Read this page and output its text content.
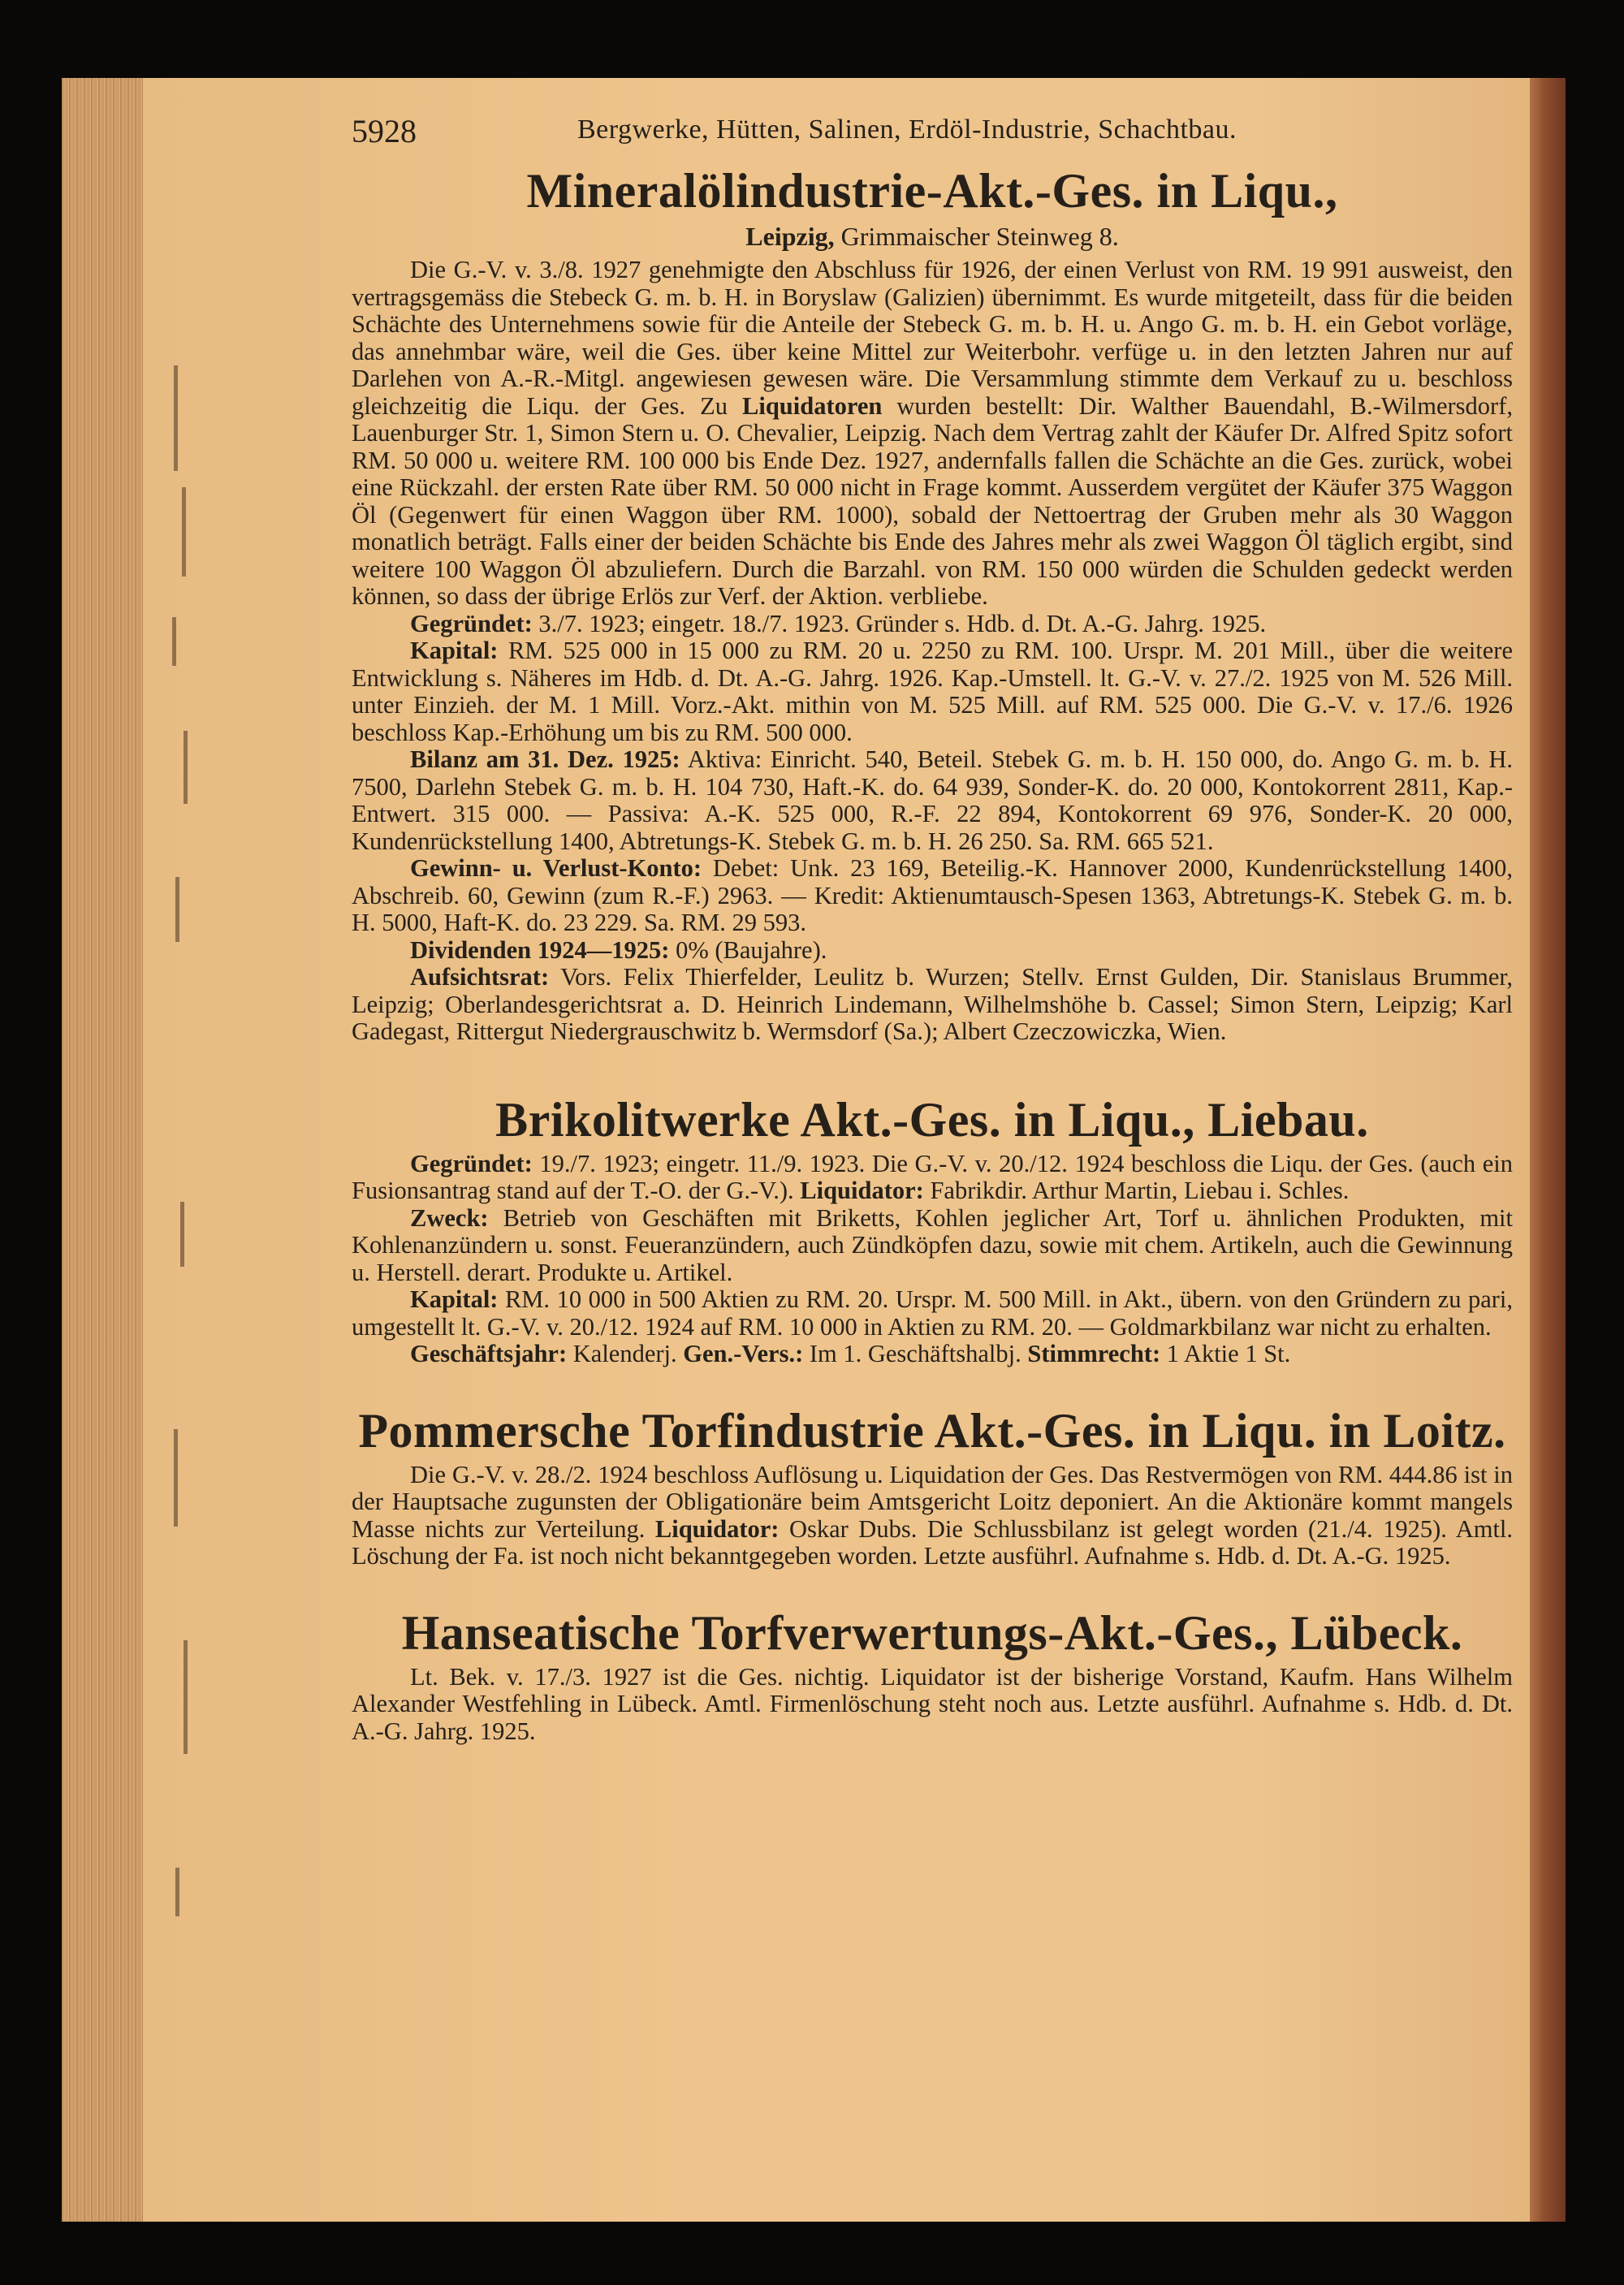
5928	Bergwerke, Hütten, Salinen, Erdöl-Industrie, Schachtbau.
Mineralölindustrie-Akt.-Ges. in Liqu.,
Leipzig, Grimmaischer Steinweg 8.

Die G.-V. v. 3./8. 1927 genehmigte den Abschluss für 1926, der einen Verlust von RM. 19 991 ausweist, den vertragsgemäss die Stebeck G. m. b. H. in Boryslaw (Galizien) übernimmt. Es wurde mitgeteilt, dass für die beiden Schächte des Unternehmens sowie für die Anteile der Stebeck G. m. b. H. u. Ango G. m. b. H. ein Gebot vorläge, das annehmbar wäre, weil die Ges. über keine Mittel zur Weiterbohr. verfüge u. in den letzten Jahren nur auf Darlehen von A.-R.-Mitgl. angewiesen gewesen wäre. Die Versammlung stimmte dem Verkauf zu u. beschloss gleichzeitig die Liqu. der Ges. Zu Liquidatoren wurden bestellt: Dir. Walther Bauendahl, B.-Wilmersdorf, Lauenburger Str. 1, Simon Stern u. O. Chevalier, Leipzig. Nach dem Vertrag zahlt der Käufer Dr. Alfred Spitz sofort RM. 50 000 u. weitere RM. 100 000 bis Ende Dez. 1927, andernfalls fallen die Schächte an die Ges. zurück, wobei eine Rückzahl. der ersten Rate über RM. 50 000 nicht in Frage kommt. Ausserdem vergütet der Käufer 375 Waggon Öl (Gegenwert für einen Waggon über RM. 1000), sobald der Nettoertrag der Gruben mehr als 30 Waggon monatlich beträgt. Falls einer der beiden Schächte bis Ende des Jahres mehr als zwei Waggon Öl täglich ergibt, sind weitere 100 Waggon Öl abzuliefern. Durch die Barzahl. von RM. 150 000 würden die Schulden gedeckt werden können, so dass der übrige Erlös zur Verf. der Aktion. verbliebe.

Gegründet: 3./7. 1923; eingetr. 18./7. 1923. Gründer s. Hdb. d. Dt. A.-G. Jahrg. 1925.

Kapital: RM. 525 000 in 15 000 zu RM. 20 u. 2250 zu RM. 100. Urspr. M. 201 Mill., über die weitere Entwicklung s. Näheres im Hdb. d. Dt. A.-G. Jahrg. 1926. Kap.-Umstell. lt. G.-V. v. 27./2. 1925 von M. 526 Mill. unter Einzieh. der M. 1 Mill. Vorz.-Akt. mithin von M. 525 Mill. auf RM. 525 000. Die G.-V. v. 17./6. 1926 beschloss Kap.-Erhöhung um bis zu RM. 500 000.

Bilanz am 31. Dez. 1925: Aktiva: Einricht. 540, Beteil. Stebek G. m. b. H. 150 000, do. Ango G. m. b. H. 7500, Darlehn Stebek G. m. b. H. 104 730, Haft.-K. do. 64 939, Sonder-K. do. 20 000, Kontokorrent 2811, Kap.-Entwert. 315 000. — Passiva: A.-K. 525 000, R.-F. 22 894, Kontokorrent 69 976, Sonder-K. 20 000, Kundenrückstellung 1400, Abtretungs-K. Stebek G. m. b. H. 26 250. Sa. RM. 665 521.

Gewinn- u. Verlust-Konto: Debet: Unk. 23 169, Beteilig.-K. Hannover 2000, Kundenrückstellung 1400, Abschreib. 60, Gewinn (zum R.-F.) 2963. — Kredit: Aktienumtausch-Spesen 1363, Abtretungs-K. Stebek G. m. b. H. 5000, Haft-K. do. 23 229. Sa. RM. 29 593.

Dividenden 1924—1925: 0% (Baujahre).

Aufsichtsrat: Vors. Felix Thierfelder, Leulitz b. Wurzen; Stellv. Ernst Gulden, Dir. Stanislaus Brummer, Leipzig; Oberlandesgerichtsrat a. D. Heinrich Lindemann, Wilhelmshöhe b. Cassel; Simon Stern, Leipzig; Karl Gadegast, Rittergut Niedergrauschwitz b. Wermsdorf (Sa.); Albert Czeczowiczka, Wien.

Brikolitwerke Akt.-Ges. in Liqu., Liebau.

Gegründet: 19./7. 1923; eingetr. 11./9. 1923. Die G.-V. v. 20./12. 1924 beschloss die Liqu. der Ges. (auch ein Fusionsantrag stand auf der T.-O. der G.-V.). Liquidator: Fabrikdir. Arthur Martin, Liebau i. Schles.

Zweck: Betrieb von Geschäften mit Briketts, Kohlen jeglicher Art, Torf u. ähnlichen Produkten, mit Kohlenanzündern u. sonst. Feueranzündern, auch Zündköpfen dazu, sowie mit chem. Artikeln, auch die Gewinnung u. Herstell. derart. Produkte u. Artikel.

Kapital: RM. 10 000 in 500 Aktien zu RM. 20. Urspr. M. 500 Mill. in Akt., übern. von den Gründern zu pari, umgestellt lt. G.-V. v. 20./12. 1924 auf RM. 10 000 in Aktien zu RM. 20. — Goldmarkbilanz war nicht zu erhalten.

Geschäftsjahr: Kalenderj. Gen.-Vers.: Im 1. Geschäftshalbj. Stimmrecht: 1 Aktie 1 St.

Pommersche Torfindustrie Akt.-Ges. in Liqu. in Loitz.

Die G.-V. v. 28./2. 1924 beschloss Auflösung u. Liquidation der Ges. Das Restvermögen von RM. 444.86 ist in der Hauptsache zugunsten der Obligationäre beim Amtsgericht Loitz deponiert. An die Aktionäre kommt mangels Masse nichts zur Verteilung. Liquidator: Oskar Dubs. Die Schlussbilanz ist gelegt worden (21./4. 1925). Amtl. Löschung der Fa. ist noch nicht bekanntgegeben worden. Letzte ausführl. Aufnahme s. Hdb. d. Dt. A.-G. 1925.

Hanseatische Torfverwertungs-Akt.-Ges., Lübeck.

Lt. Bek. v. 17./3. 1927 ist die Ges. nichtig. Liquidator ist der bisherige Vorstand, Kaufm. Hans Wilhelm Alexander Westfehling in Lübeck. Amtl. Firmenlöschung steht noch aus. Letzte ausführl. Aufnahme s. Hdb. d. Dt. A.-G. Jahrg. 1925.
